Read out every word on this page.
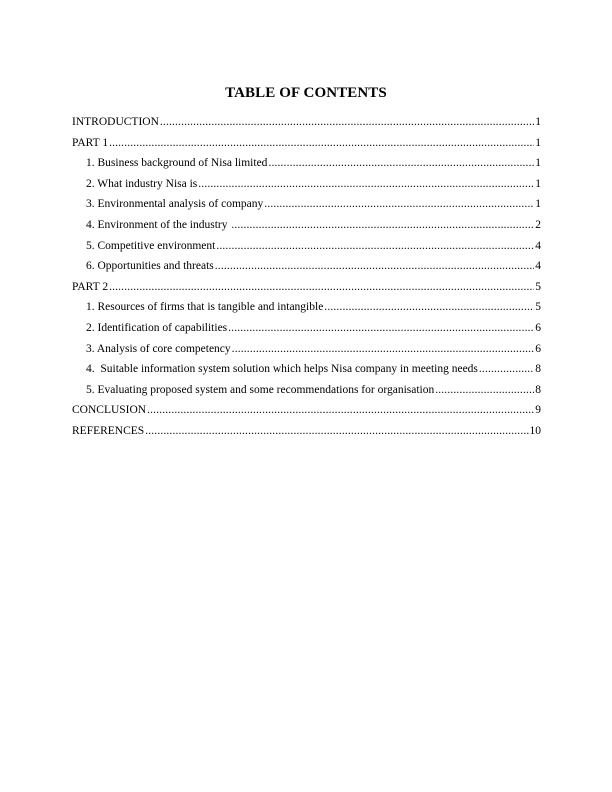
TABLE OF CONTENTS
INTRODUCTION .....	1
PART 1 .....	1
1. Business background of Nisa limited .....	1
2. What industry Nisa is .....	1
3. Environmental analysis of company .....	1
4. Environment of the industry .....	2
5. Competitive environment .....	4
6. Opportunities and threats .....	4
PART 2 .....	5
1. Resources of firms that is tangible and intangible .....	5
2. Identification of capabilities .....	6
3. Analysis of core competency .....	6
4.  Suitable information system solution which helps Nisa company in meeting needs .....	8
5. Evaluating proposed system and some recommendations for organisation .....	8
CONCLUSION .....	9
REFERENCES .....	10
